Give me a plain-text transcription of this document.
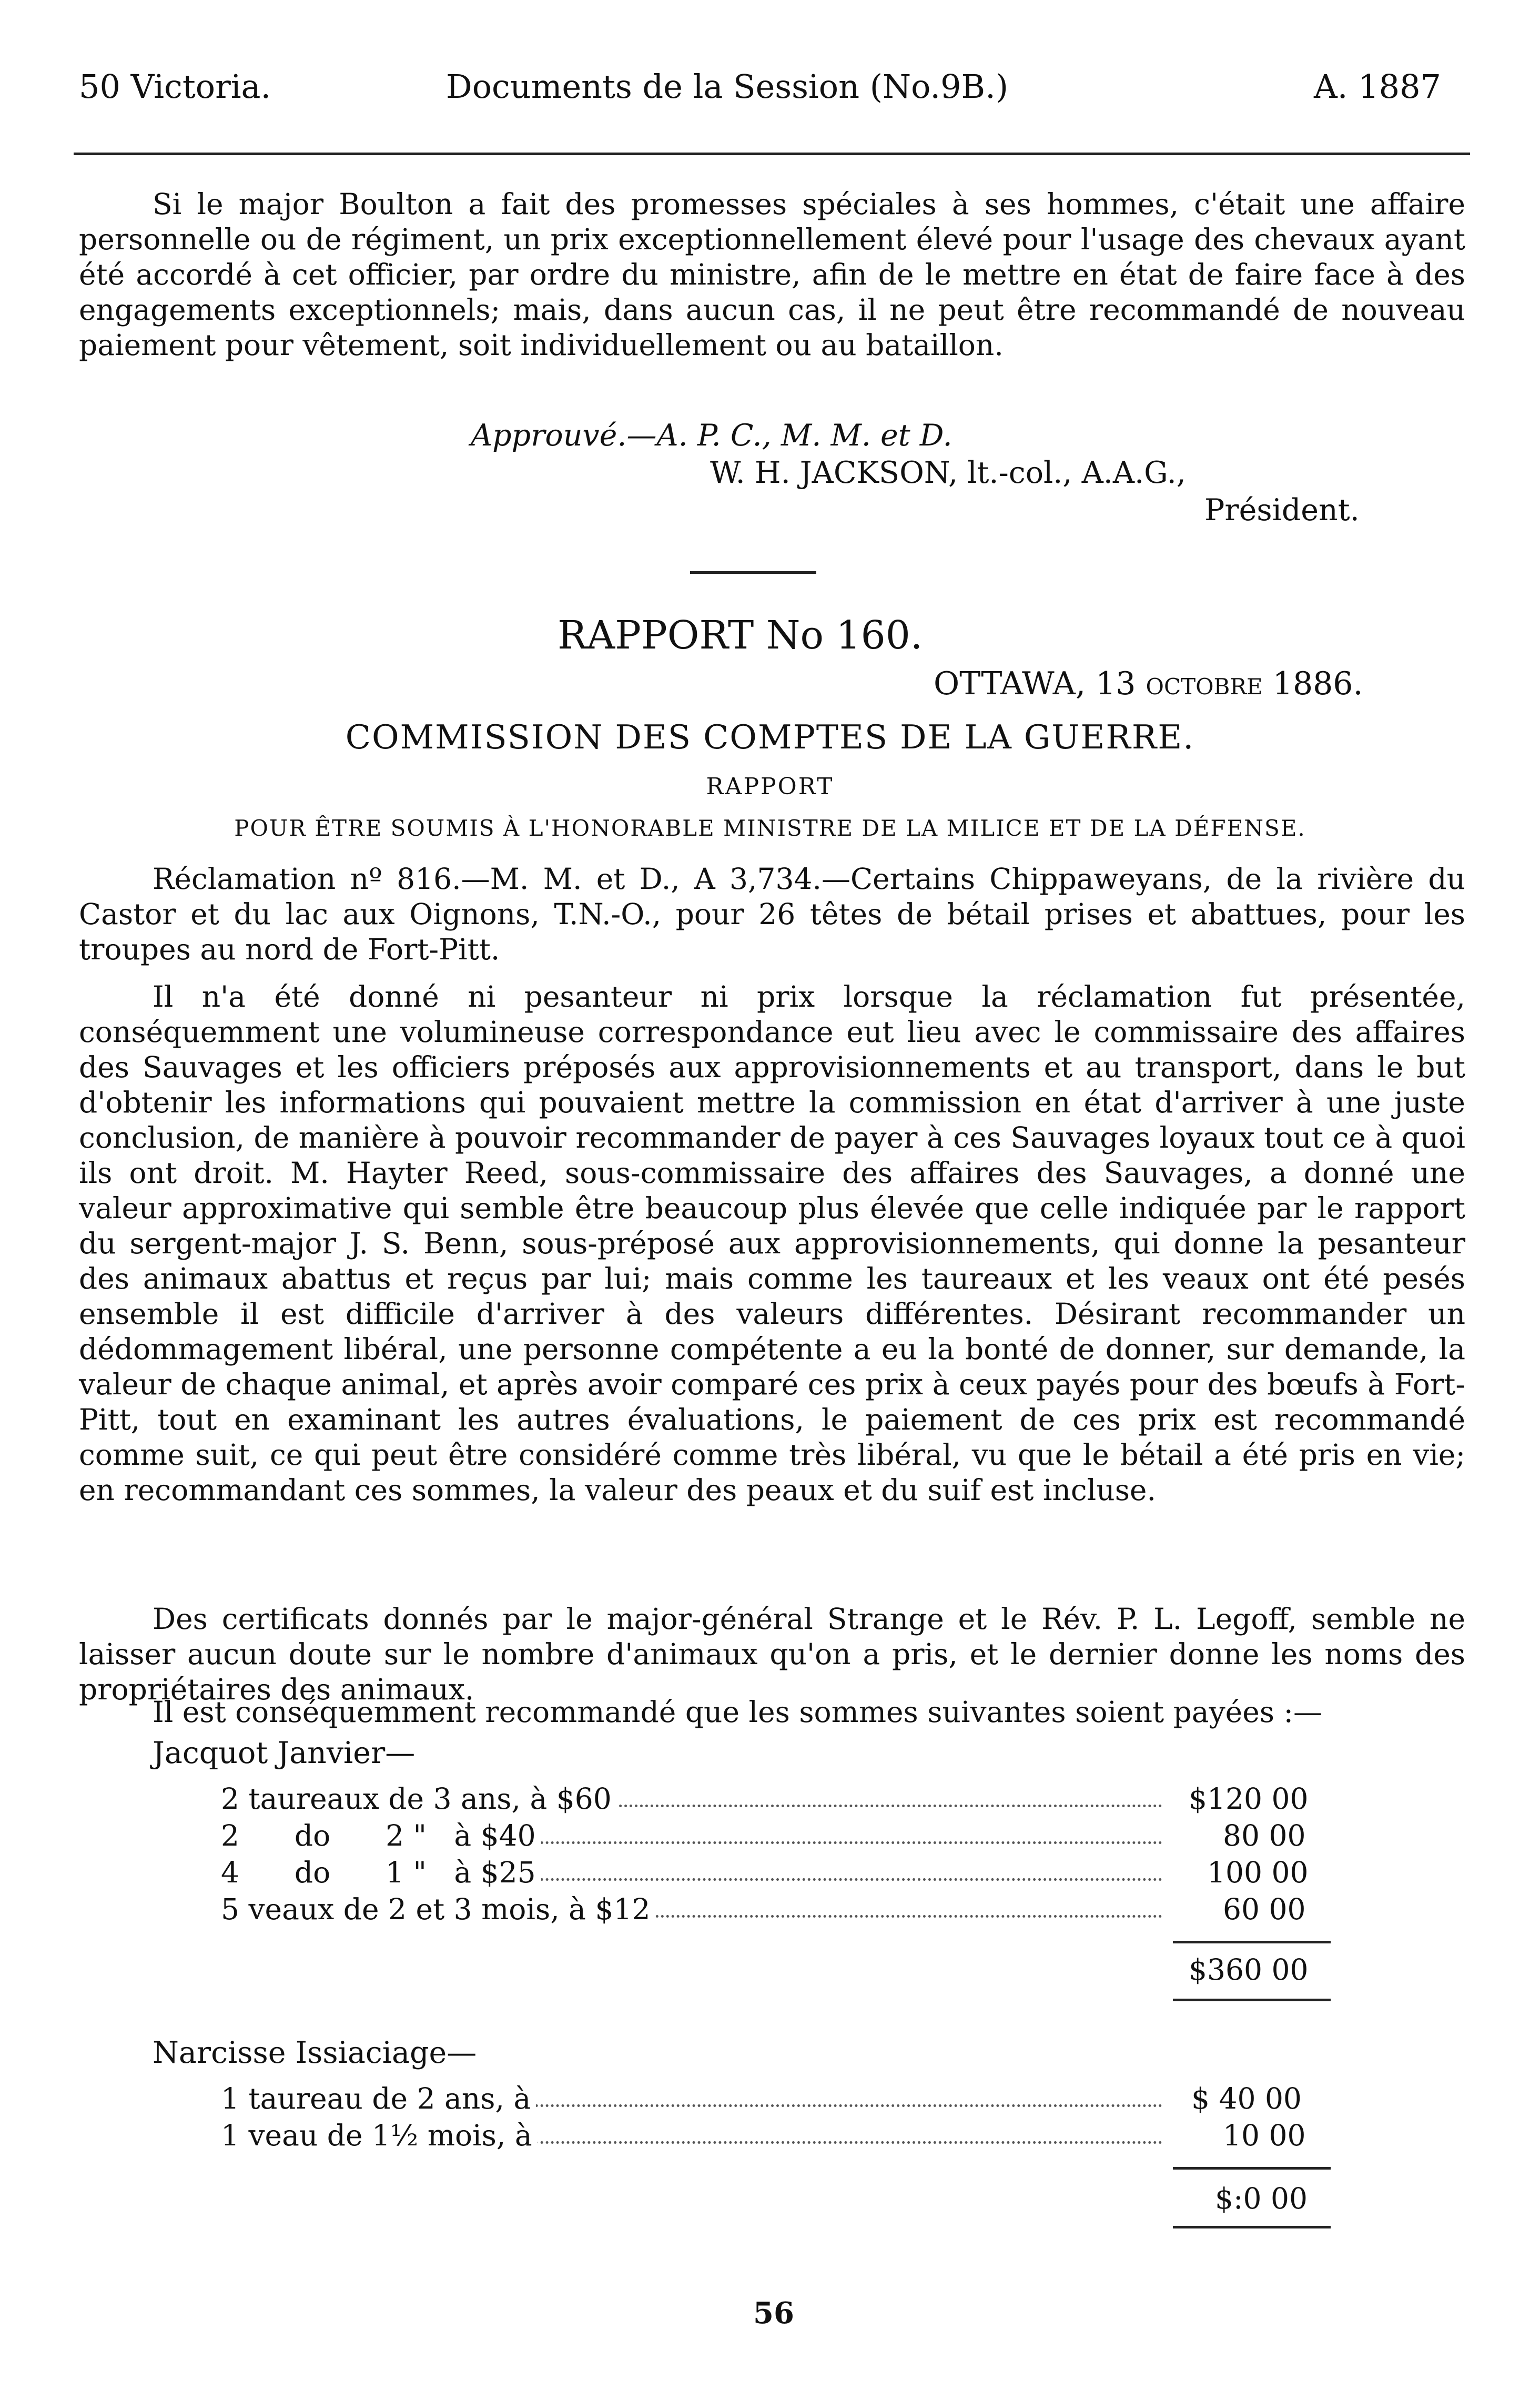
50 Victoria.	Documents de la Session (No.9B.)	A. 1887
Si le major Boulton a fait des promesses spéciales à ses hommes, c'était une affaire personnelle ou de régiment, un prix exceptionnellement élevé pour l'usage des chevaux ayant été accordé à cet officier, par ordre du ministre, afin de le mettre en état de faire face à des engagements exceptionnels; mais, dans aucun cas, il ne peut être recommandé de nouveau paiement pour vêtement, soit individuellement ou au bataillon.
Approuvé.—A. P. C., M. M. et D.
W. H. JACKSON, lt.-col., A.A.G.,
Président.
RAPPORT No 160.
OTTAWA, 13 octobre 1886.
COMMISSION DES COMPTES DE LA GUERRE.
RAPPORT
POUR ÊTRE SOUMIS À L'HONORABLE MINISTRE DE LA MILICE ET DE LA DÉFENSE.
Réclamation nº 816.—M. M. et D., A 3,734.—Certains Chippaweyans, de la rivière du Castor et du lac aux Oignons, T.N.-O., pour 26 têtes de bétail prises et abattues, pour les troupes au nord de Fort-Pitt.
Il n'a été donné ni pesanteur ni prix lorsque la réclamation fut présentée, conséquemment une volumineuse correspondance eut lieu avec le commissaire des affaires des Sauvages et les officiers préposés aux approvisionnements et au transport, dans le but d'obtenir les informations qui pouvaient mettre la commission en état d'arriver à une juste conclusion, de manière à pouvoir recommander de payer à ces Sauvages loyaux tout ce à quoi ils ont droit. M. Hayter Reed, sous-commissaire des affaires des Sauvages, a donné une valeur approximative qui semble être beaucoup plus élevée que celle indiquée par le rapport du sergent-major J. S. Benn, sous-préposé aux approvisionnements, qui donne la pesanteur des animaux abattus et reçus par lui; mais comme les taureaux et les veaux ont été pesés ensemble il est difficile d'arriver à des valeurs différentes. Désirant recommander un dédommagement libéral, une personne compétente a eu la bonté de donner, sur demande, la valeur de chaque animal, et après avoir comparé ces prix à ceux payés pour des bœufs à Fort-Pitt, tout en examinant les autres évaluations, le paiement de ces prix est recommandé comme suit, ce qui peut être considéré comme très libéral, vu que le bétail a été pris en vie; en recommandant ces sommes, la valeur des peaux et du suif est incluse.
Des certificats donnés par le major-général Strange et le Rév. P. L. Legoff, semble ne laisser aucun doute sur le nombre d'animaux qu'on a pris, et le dernier donne les noms des propriétaires des animaux.
Il est conséquemment recommandé que les sommes suivantes soient payées :—
Jacquot Janvier—
2 taureaux de 3 ans, à $60	$120 00
2      do      2 "   à $40	80 00
4      do      1 "   à $25	100 00
5 veaux de 2 et 3 mois, à $12	60 00
$360 00
Narcisse Issiaciage—
1 taureau de 2 ans, à	$ 40 00
1 veau de 1½ mois, à	10 00
$:0 00
56
